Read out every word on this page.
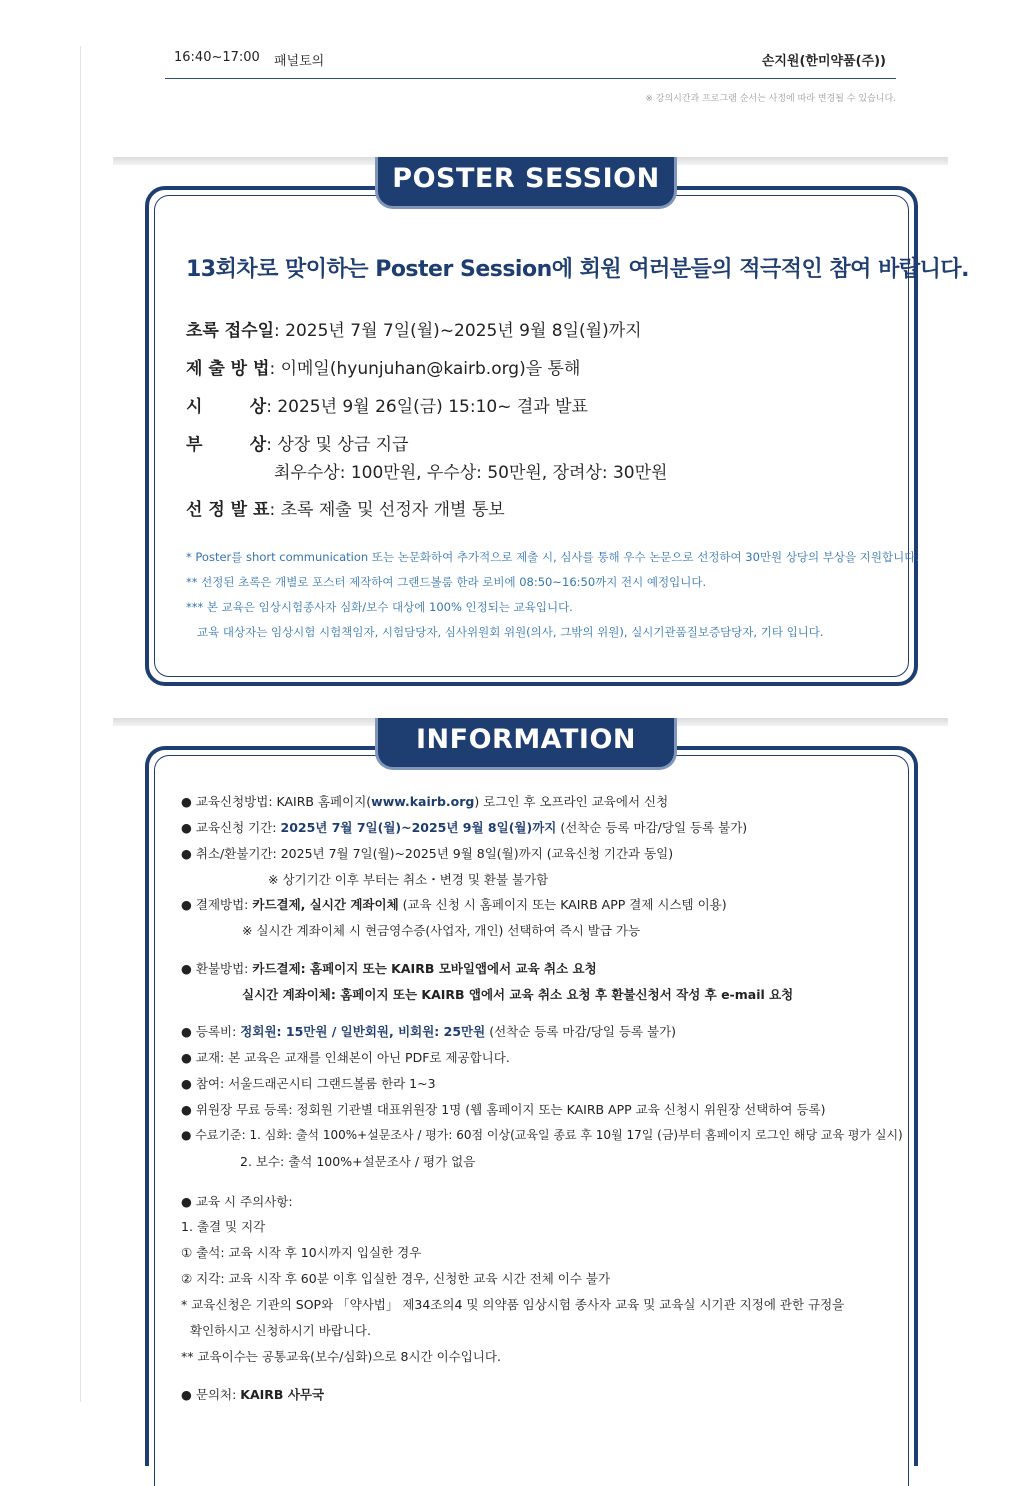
16:40~17:00 패널토의	손지원(한미약품(주))
※ 강의시간과 프로그램 순서는 사정에 따라 변경될 수 있습니다.
POSTER SESSION
13회차로 맞이하는 Poster Session에 회원 여러분들의 적극적인 참여 바랍니다.
초록 접수일: 2025년 7월 7일(월)~2025년 9월 8일(월)까지
제 출 방 법: 이메일(hyunjuhan@kairb.org)을 통해
시        상: 2025년 9월 26일(금) 15:10~ 결과 발표
부        상: 상장 및 상금 지급
최우수상: 100만원, 우수상: 50만원, 장려상: 30만원
선 정 발 표: 초록 제출 및 선정자 개별 통보
* Poster를 short communication 또는 논문화하여 추가적으로 제출 시, 심사를 통해 우수 논문으로 선정하여 30만원 상당의 부상을 지원합니다.
** 선정된 초록은 개별로 포스터 제작하여 그랜드볼룸 한라 로비에 08:50~16:50까지 전시 예정입니다.
*** 본 교육은 임상시험종사자 심화/보수 대상에 100% 인정되는 교육입니다.
교육 대상자는 임상시험 시험책임자, 시험담당자, 심사위원회 위원(의사, 그밖의 위원), 실시기관품질보증담당자, 기타 입니다.
INFORMATION
● 교육신청방법: KAIRB 홈페이지(www.kairb.org) 로그인 후 오프라인 교육에서 신청
● 교육신청 기간: 2025년 7월 7일(월)~2025년 9월 8일(월)까지 (선착순 등록 마감/당일 등록 불가)
● 취소/환불기간: 2025년 7월 7일(월)~2025년 9월 8일(월)까지 (교육신청 기간과 동일)
※ 상기기간 이후 부터는 취소・변경 및 환불 불가함
● 결제방법: 카드결제, 실시간 계좌이체 (교육 신청 시 홈페이지 또는 KAIRB APP 결제 시스템 이용)
※ 실시간 계좌이체 시 현금영수증(사업자, 개인) 선택하여 즉시 발급 가능
● 환불방법: 카드결제: 홈페이지 또는 KAIRB 모바일앱에서 교육 취소 요청
실시간 계좌이체: 홈페이지 또는 KAIRB 앱에서 교육 취소 요청 후 환불신청서 작성 후 e-mail 요청
● 등록비: 정회원: 15만원 / 일반회원, 비회원: 25만원 (선착순 등록 마감/당일 등록 불가)
● 교재: 본 교육은 교재를 인쇄본이 아닌 PDF로 제공합니다.
● 참여: 서울드래곤시티 그랜드볼룸 한라 1~3
● 위원장 무료 등록: 정회원 기관별 대표위원장 1명 (웹 홈페이지 또는 KAIRB APP 교육 신청시 위원장 선택하여 등록)
● 수료기준: 1. 심화: 출석 100%+설문조사 / 평가: 60점 이상(교육일 종료 후 10월 17일 (금)부터 홈페이지 로그인 해당 교육 평가 실시)
2. 보수: 출석 100%+설문조사 / 평가 없음
● 교육 시 주의사항:
1. 출결 및 지각
① 출석: 교육 시작 후 10시까지 입실한 경우
② 지각: 교육 시작 후 60분 이후 입실한 경우, 신청한 교육 시간 전체 이수 불가
* 교육신청은 기관의 SOP와 「약사법」 제34조의4 및 의약품 임상시험 종사자 교육 및 교육실 시기관 지정에 관한 규정을
확인하시고 신청하시기 바랍니다.
** 교육이수는 공통교육(보수/심화)으로 8시간 이수입니다.
● 문의처: KAIRB 사무국
